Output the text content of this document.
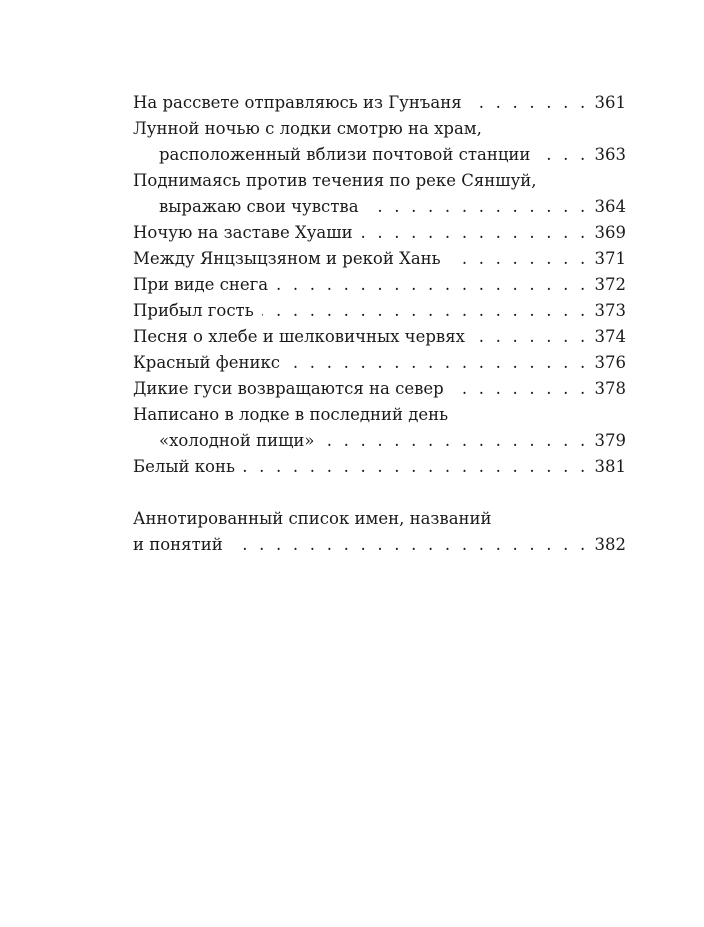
На рассвете отправляюсь из Гунъаня . . .	361
Лунной ночью с лодки смотрю на храм,
расположенный вблизи почтовой станции . . .	363
Поднимаясь против течения по реке Сяншуй,
выражаю свои чувства . . .	364
Ночую на заставе Хуаши . . .	369
Между Янцзыцзяном и рекой Хань . . .	371
При виде снега . . .	372
Прибыл гость . . .	373
Песня о хлебе и шелковичных червях . . .	374
Красный феникс . . .	376
Дикие гуси возвращаются на север . . .	378
Написано в лодке в последний день
«холодной пищи» . . .	379
Белый конь . . .	381
Аннотированный список имен, названий
и понятий . . .	382
